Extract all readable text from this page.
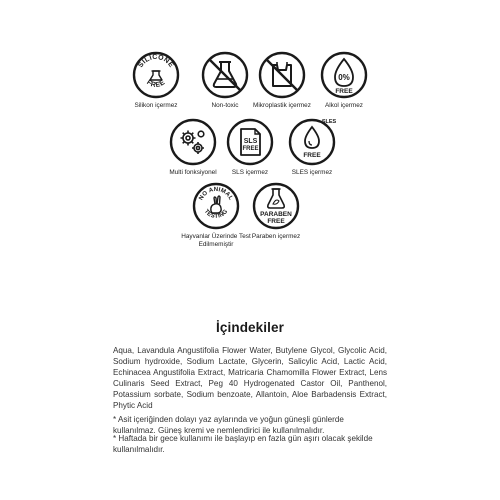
SILICONE
FREE
Silikon içermez	Non-toxic	Mikroplastik içermez
0%
FREE
Alkol içermez
Multi fonksiyonel
SLS
FREE
SLS içermez
SLES
FREE
SLES içermez
NO ANIMAL
TESTING
Hayvanlar Üzerinde Test Edilmemiştir
PARABEN
FREE
Paraben içermez
İçindekiler

Aqua, Lavandula Angustifolia Flower Water, Butylene Glycol, Glycolic Acid, Sodium hydroxide, Sodium Lactate, Glycerin, Salicylic Acid, Lactic Acid, Echinacea Angustifolia Extract, Matricaria Chamomilla Flower Extract, Lens Culinaris Seed Extract, Peg 40 Hydrogenated Castor Oil, Panthenol, Potassium sorbate, Sodium benzoate, Allantoin, Aloe Barbadensis Extract, Phytic Acid

* Asit içeriğinden dolayı yaz aylarında ve yoğun güneşli günlerde kullanılmaz. Güneş kremi ve nemlendirici ile kullanılmalıdır.

* Haftada bir gece kullanımı ile başlayıp en fazla gün aşırı olacak şekilde kullanılmalıdır.
